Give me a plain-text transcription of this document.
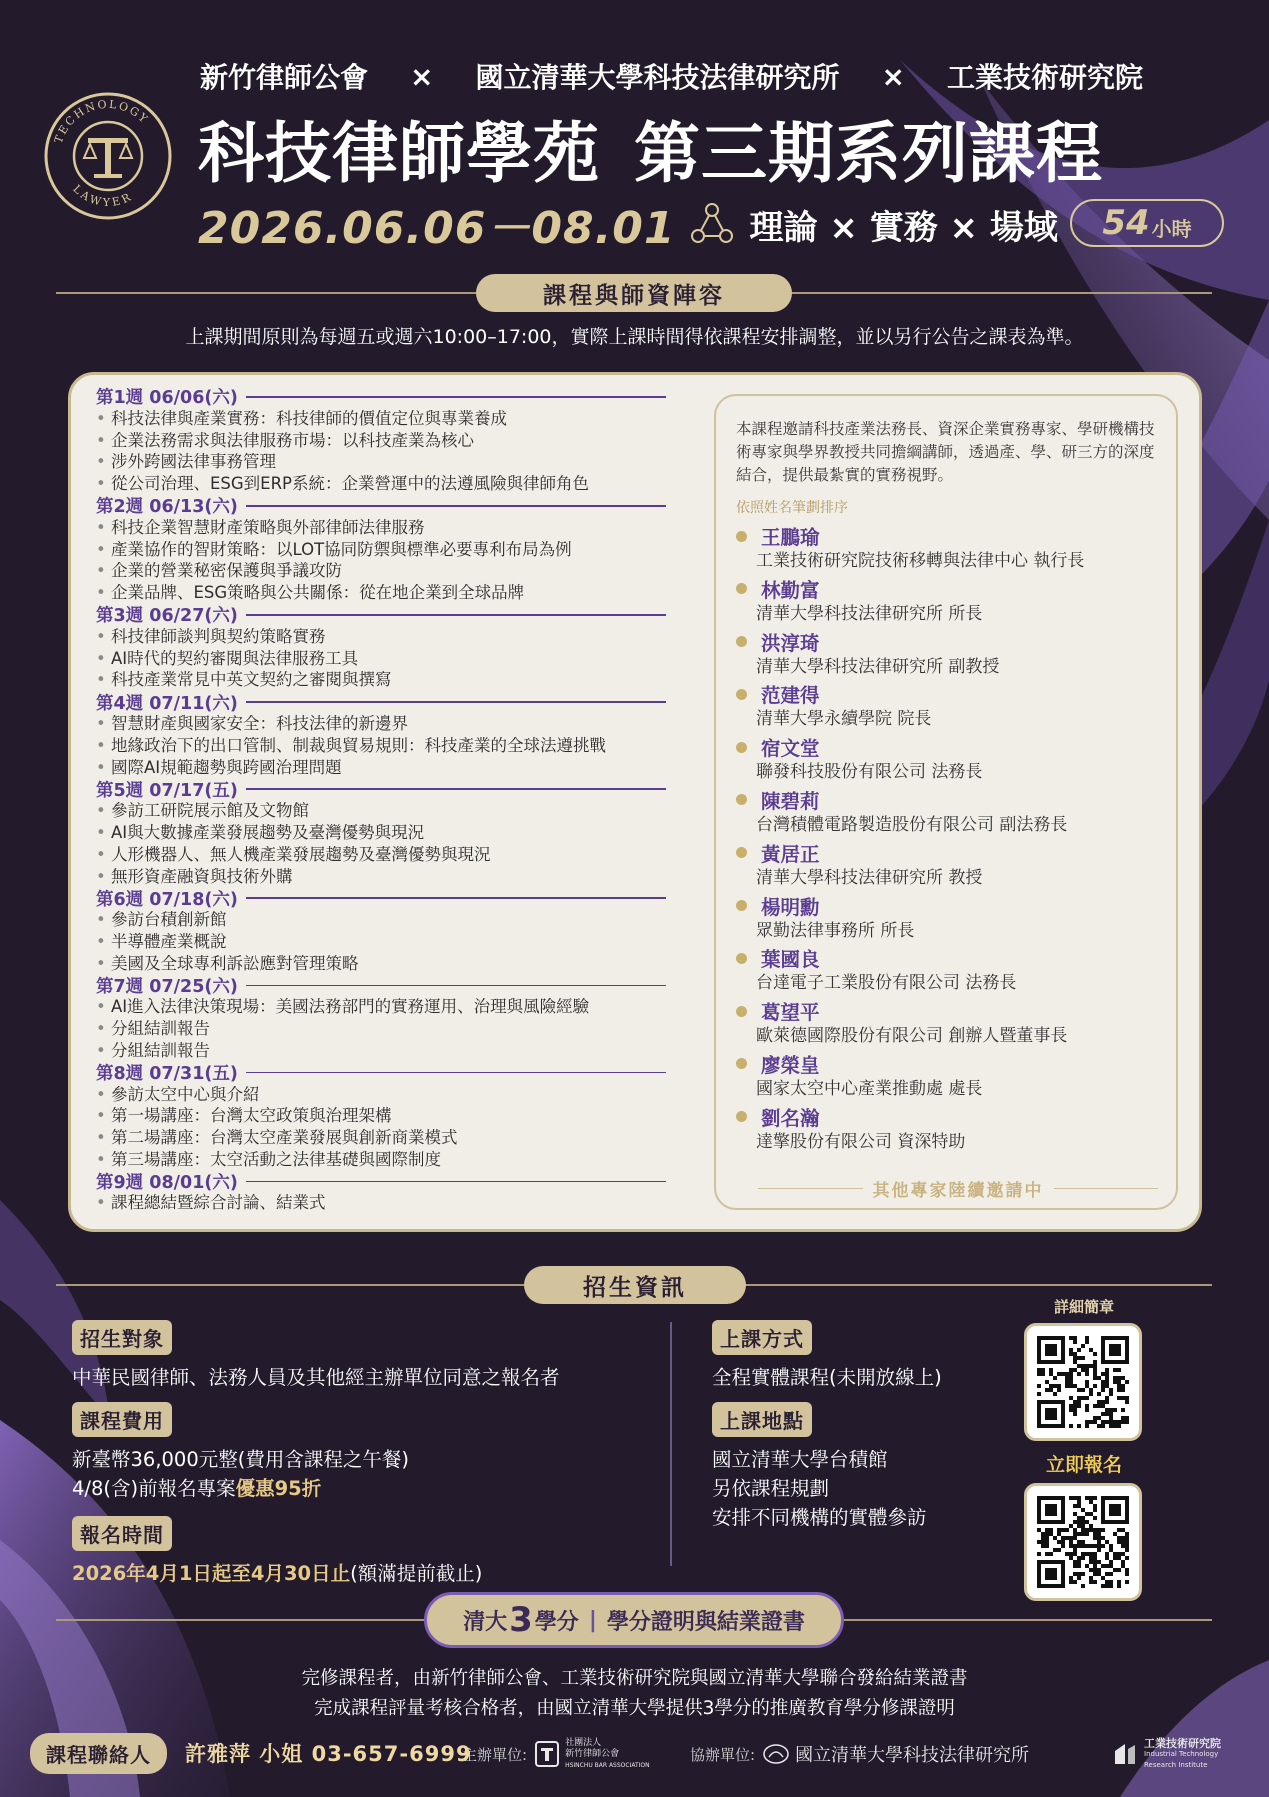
新竹律師公會 × 國立清華大學科技法律研究所 × 工業技術研究院
TECHNOLOGY
LAWYER
科技律師學苑 第三期系列課程
2026.06.06－08.01 理論 × 實務 × 場域 54 小時
課程與師資陣容
上課期間原則為每週五或週六10:00–17:00，實際上課時間得依課程安排調整，並以另行公告之課表為準。
第1週 06/06(六)
• 科技法律與產業實務：科技律師的價值定位與專業養成
• 企業法務需求與法律服務市場：以科技產業為核心
• 涉外跨國法律事務管理
• 從公司治理、ESG到ERP系統：企業營運中的法遵風險與律師角色
第2週 06/13(六)
• 科技企業智慧財產策略與外部律師法律服務
• 產業協作的智財策略：以LOT協同防禦與標準必要專利布局為例
• 企業的營業秘密保護與爭議攻防
• 企業品牌、ESG策略與公共關係：從在地企業到全球品牌
第3週 06/27(六)
• 科技律師談判與契約策略實務
• AI時代的契約審閱與法律服務工具
• 科技產業常見中英文契約之審閱與撰寫
第4週 07/11(六)
• 智慧財產與國家安全：科技法律的新邊界
• 地緣政治下的出口管制、制裁與貿易規則：科技產業的全球法遵挑戰
• 國際AI規範趨勢與跨國治理問題
第5週 07/17(五)
• 參訪工研院展示館及文物館
• AI與大數據產業發展趨勢及臺灣優勢與現況
• 人形機器人、無人機產業發展趨勢及臺灣優勢與現況
• 無形資產融資與技術外購
第6週 07/18(六)
• 參訪台積創新館
• 半導體產業概說
• 美國及全球專利訴訟應對管理策略
第7週 07/25(六)
• AI進入法律決策現場：美國法務部門的實務運用、治理與風險經驗
• 分組結訓報告
• 分組結訓報告
第8週 07/31(五)
• 參訪太空中心與介紹
• 第一場講座：台灣太空政策與治理架構
• 第二場講座：台灣太空產業發展與創新商業模式
• 第三場講座：太空活動之法律基礎與國際制度
第9週 08/01(六)
• 課程總結暨綜合討論、結業式
本課程邀請科技產業法務長、資深企業實務專家、學研機構技術專家與學界教授共同擔綱講師，透過產、學、研三方的深度結合，提供最紮實的實務視野。
依照姓名筆劃排序
王鵬瑜
工業技術研究院技術移轉與法律中心 執行長
林勤富
清華大學科技法律研究所 所長
洪淳琦
清華大學科技法律研究所 副教授
范建得
清華大學永續學院 院長
宿文堂
聯發科技股份有限公司 法務長
陳碧莉
台灣積體電路製造股份有限公司 副法務長
黃居正
清華大學科技法律研究所 教授
楊明勳
眾勤法律事務所 所長
葉國良
台達電子工業股份有限公司 法務長
葛望平
歐萊德國際股份有限公司 創辦人暨董事長
廖榮皇
國家太空中心產業推動處 處長
劉名瀚
達擎股份有限公司 資深特助
其他專家陸續邀請中
招生資訊
招生對象
中華民國律師、法務人員及其他經主辦單位同意之報名者
課程費用
新臺幣36,000元整(費用含課程之午餐)
4/8(含)前報名專案優惠95折
報名時間
2026年4月1日起至4月30日止(額滿提前截止)
上課方式
全程實體課程(未開放線上)
上課地點
國立清華大學台積館
另依課程規劃
安排不同機構的實體參訪
詳細簡章
立即報名
清大 3 學分 | 學分證明與結業證書
完修課程者，由新竹律師公會、工業技術研究院與國立清華大學聯合發給結業證書
完成課程評量考核合格者，由國立清華大學提供3學分的推廣教育學分修課證明
課程聯絡人	許雅萍 小姐 03-657-6999
主辦單位:
社團法人
新竹律師公會
HSINCHU BAR ASSOCIATION
協辦單位: 國立清華大學科技法律研究所
工業技術研究院
Industrial Technology
Research Institute
